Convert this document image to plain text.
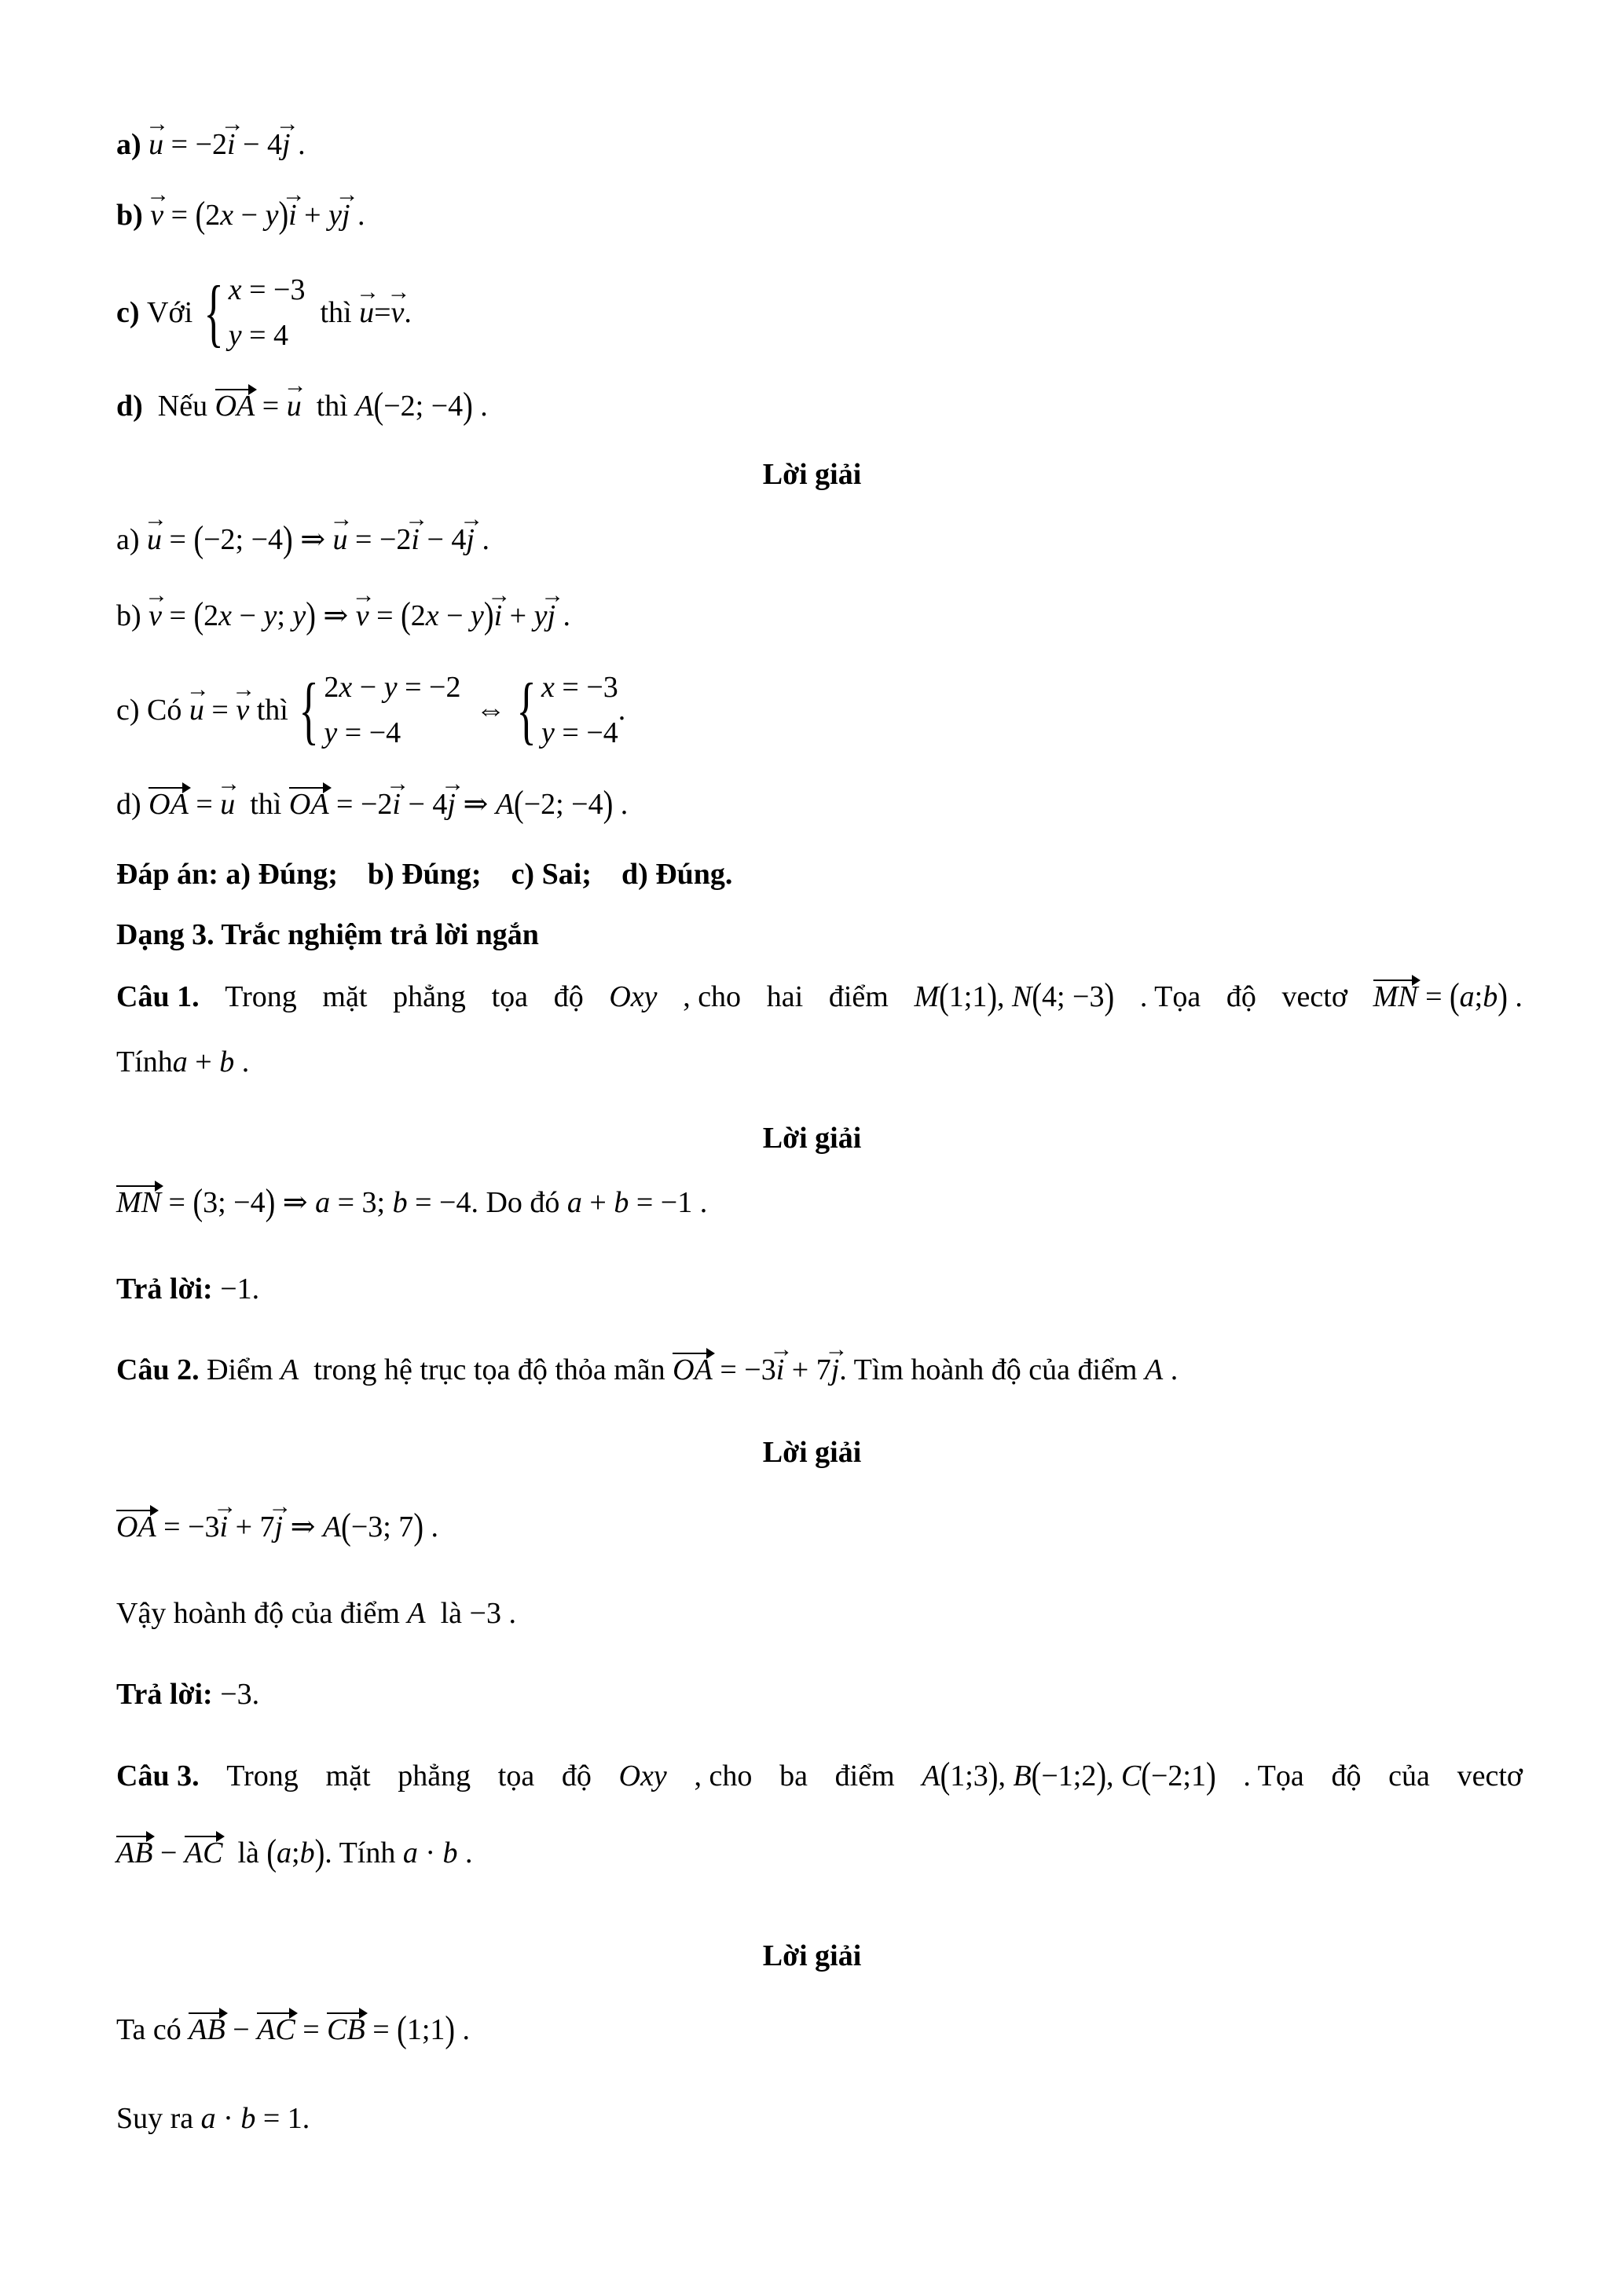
a) → u = −2→ i − 4→ j .
b) → v = (2x − y)→ i + y→ j .
c)
Với
{ x = −3
y = 4

thì
→ u = → v .
d) Nếu OA = → u thì A(−2; −4) .
Lời giải
a) → u = (−2; −4) ⇒ → u = −2→ i − 4→ j .
b) → v = (2x − y; y) ⇒ → v = (2x − y)→ i + y→ j .
c) Có
→ u = → v
thì
{ 2x − y = −2
y = −4
⇔ { x = −3
y = −4
.
d) OA = → u thì OA = −2→ i − 4→ j ⇒ A(−2; −4) .
Đáp án: a) Đúng; b) Đúng; c) Sai; d) Đúng.
Dạng 3. Trắc nghiệm trả lời ngắn
Câu 1. Trong mặt phẳng tọa độ Oxy , cho hai điểm M(1;1), N(4; −3) . Tọa độ vectơ MN = (a;b) .
Tínha + b .
Lời giải
MN = (3; −4) ⇒ a = 3; b = −4. Do đó a + b = −1 .
Trả lời: −1.
Câu 2. Điểm A trong hệ trục tọa độ thỏa mãn OA = −3→ i + 7→ j. Tìm hoành độ của điểm A .
Lời giải
OA = −3→ i + 7→ j ⇒ A(−3; 7) .
Vậy hoành độ của điểm A là −3 .
Trả lời: −3.
Câu 3. Trong mặt phẳng tọa độ Oxy , cho ba điểm A(1;3), B(−1;2), C(−2;1) . Tọa độ của vectơ
AB − AC là (a;b). Tính a · b .
Lời giải
Ta có AB − AC = CB = (1;1) .
Suy ra a · b = 1.
